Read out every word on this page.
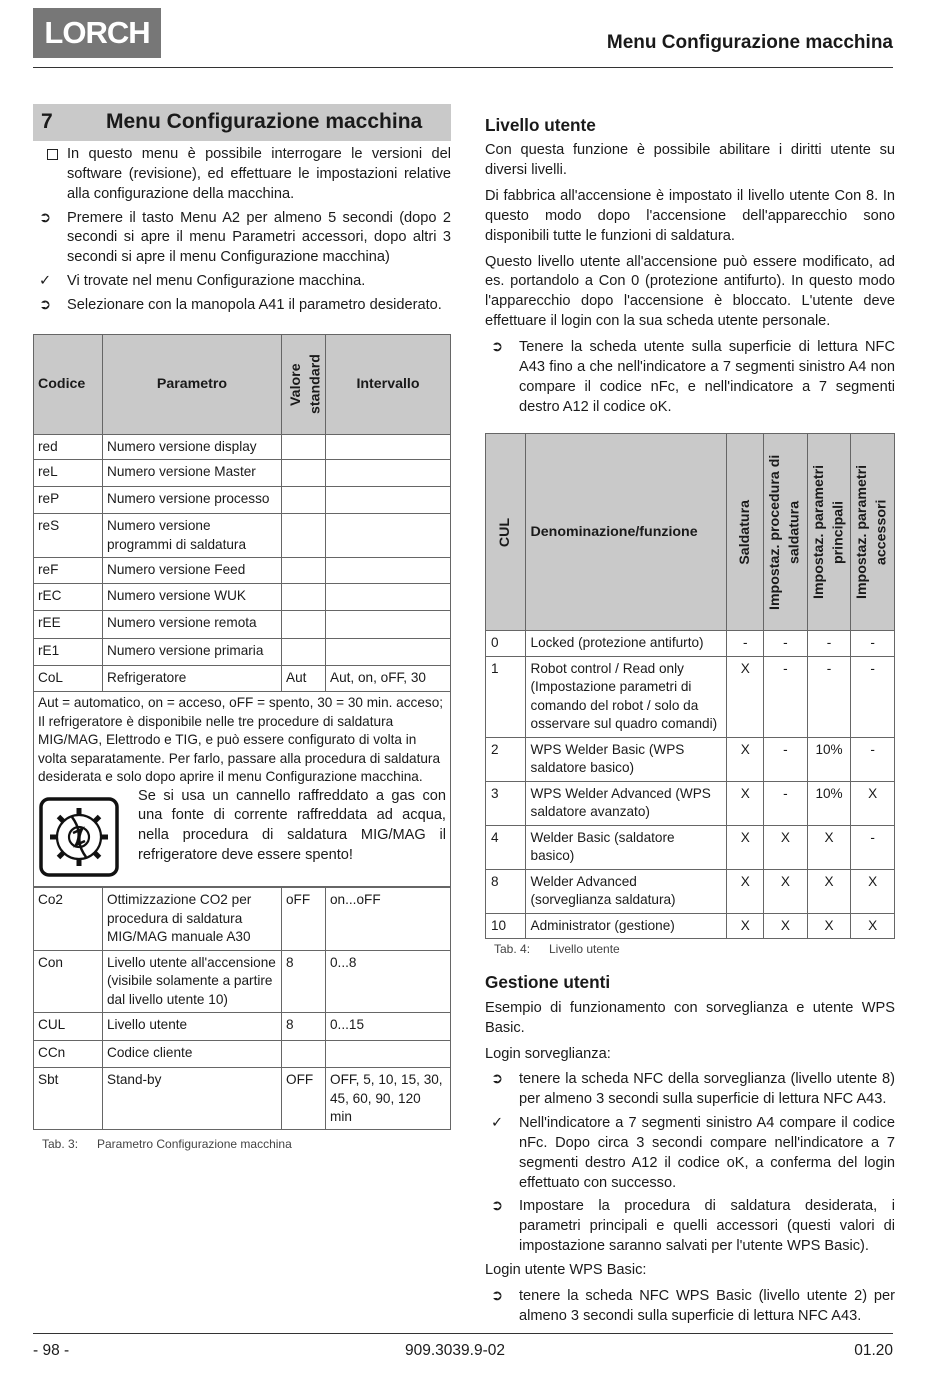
LORCH	Menu Configurazione macchina
7	Menu Configurazione macchina
In questo menu è possibile interrogare le versioni del software (revisione), ed effettuare le impostazioni relative alla configurazione della macchina.
➲ Premere il tasto Menu A2 per almeno 5 secondi (dopo 2 secondi si apre il menu Parametri accessori, dopo altri 3 secondi si apre il menu Configurazione macchina)
✓ Vi trovate nel menu Configurazione macchina.
➲ Selezionare con la manopola A41 il parametro desiderato.
Codice	Parametro	Valore standard	Intervallo
red	Numero versione display		
reL	Numero versione Master		
reP	Numero versione processo		
reS	Numero versione programmi di saldatura		
reF	Numero versione Feed		
rEC	Numero versione WUK		
rEE	Numero versione remota		
rE1	Numero versione primaria		
CoL	Refrigeratore	Aut	Aut, on, oFF, 30
Aut = automatico, on = acceso, oFF = spento, 30 = 30 min. acceso; Il refrigeratore è disponibile nelle tre procedure di saldatura MIG/MAG, Elettrodo e TIG, e può essere configurato di volta in volta separatamente. Per farlo, passare alla procedura di saldatura desiderata e solo dopo aprire il menu Configurazione macchina.
Se si usa un cannello raffreddato a gas con una fonte di corrente raffreddata ad acqua, nella procedura di saldatura MIG/MAG il refrigeratore deve essere spento!
Co2	Ottimizzazione CO2 per procedura di saldatura MIG/MAG manuale A30	oFF	on...oFF
Con	Livello utente all'accensione (visibile solamente a partire dal livello utente 10)	8	0...8
CUL	Livello utente	8	0...15
CCn	Codice cliente		
Sbt	Stand-by	OFF	OFF, 5, 10, 15, 30, 45, 60, 90, 120 min
Tab. 3:	Parametro Configurazione macchina
Livello utente

Con questa funzione è possibile abilitare i diritti utente su diversi livelli.

Di fabbrica all'accensione è impostato il livello utente Con 8. In questo modo dopo l'accensione dell'apparecchio sono disponibili tutte le funzioni di saldatura.

Questo livello utente all'accensione può essere modificato, ad es. portandolo a Con 0 (protezione antifurto). In questo modo l'apparecchio dopo l'accensione è bloccato. L'utente deve effettuare il login con la sua scheda utente personale.

➲ Tenere la scheda utente sulla superficie di lettura NFC A43 fino a che nell'indicatore a 7 segmenti sinistro A4 non compare il codice nFc, e nell'indicatore a 7 segmenti destro A12 il codice oK.
CUL	Denominazione/funzione	Saldatura	Impostaz. procedura di saldatura	Impostaz. parametri principali	Impostaz. parametri accessori

0	Locked (protezione antifurto)	-	-	-	-
1	Robot control / Read only (Impostazione parametri di comando del robot / solo da osservare sul quadro comandi)	X	-	-	-
2	WPS Welder Basic (WPS saldatore basico)	X	-	10%	-
3	WPS Welder Advanced (WPS saldatore avanzato)	X	-	10%	X
4	Welder Basic (saldatore basico)	X	X	X	-
8	Welder Advanced (sorveglianza saldatura)	X	X	X	X
10	Administrator (gestione)	X	X	X	X
Tab. 4:	Livello utente
Gestione utenti

Esempio di funzionamento con sorveglianza e utente WPS Basic.

Login sorveglianza:

➲ tenere la scheda NFC della sorveglianza (livello utente 8) per almeno 3 secondi sulla superficie di lettura NFC A43.
✓ Nell'indicatore a 7 segmenti sinistro A4 compare il codice nFc. Dopo circa 3 secondi compare nell'indicatore a 7 segmenti destro A12 il codice oK, a conferma del login effettuato con successo.
➲ Impostare la procedura di saldatura desiderata, i parametri principali e quelli accessori (questi valori di impostazione saranno salvati per l'utente WPS Basic).

Login utente WPS Basic:

➲ tenere la scheda NFC WPS Basic (livello utente 2) per almeno 3 secondi sulla superficie di lettura NFC A43.
- 98 -	909.3039.9-02	01.20
